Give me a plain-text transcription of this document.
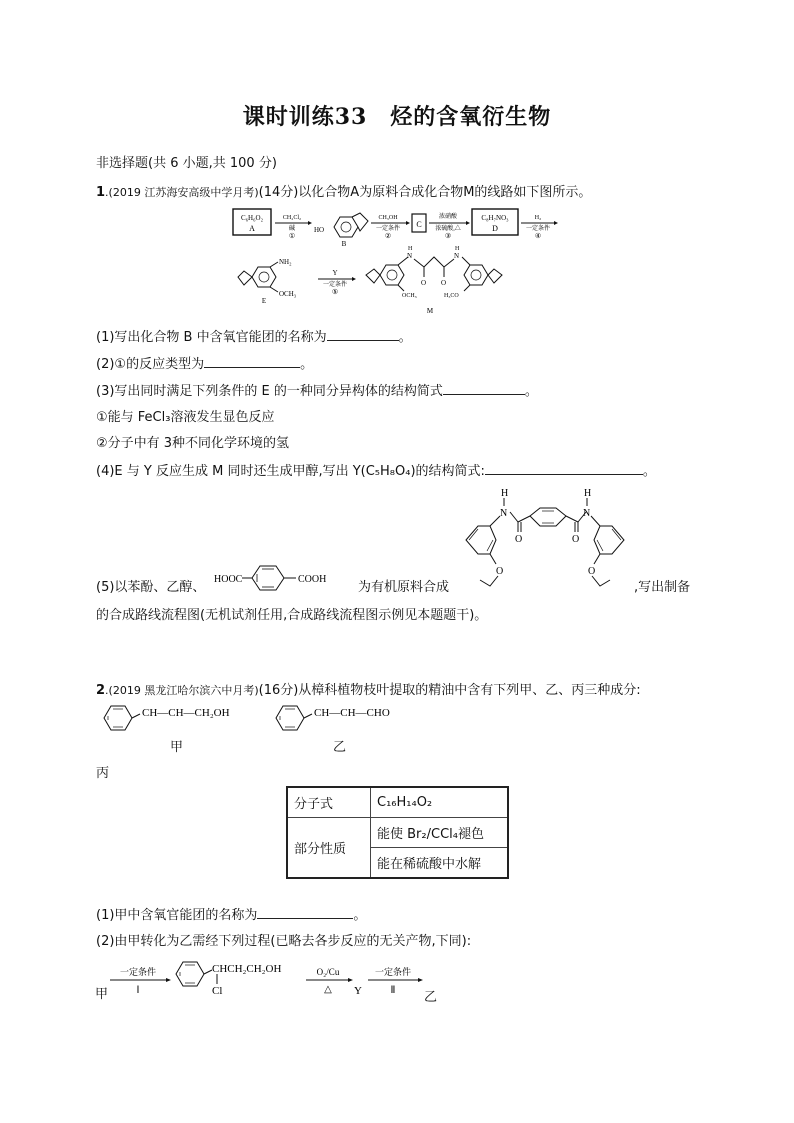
课时训练33　烃的含氧衍生物
非选择题(共 6 小题,共 100 分)
1.(2019 江苏海安高级中学月考)(14分)以化合物A为原料合成化合物M的线路如下图所示。
C₆H₆O₂
A
CH₂Cl₂
碱
①
HO
B
CH₃OH
一定条件
②
C
浓硝酸
浓硫酸,△
③
C₈H₇NO₃
D
H₂
一定条件
④
NH₂
OCH₃
E
Y
一定条件
⑤
N
H
OCH₃
O O
N
H
H₃CO
M
(1)写出化合物 B 中含氧官能团的名称为	。
(2)①的反应类型为	。
(3)写出同时满足下列条件的 E 的一种同分异构体的结构简式	。
①能与 FeCl₃溶液发生显色反应
②分子中有 3种不同化学环境的氢
(4)E 与 Y 反应生成 M 同时还生成甲醇,写出 Y(C₅H₈O₄)的结构简式:	。
(5)以苯酚、乙醇、
HOOC	COOH
为有机原料合成
H
N
O
O	O
H
N
O
,写出制备
的合成路线流程图(无机试剂任用,合成路线流程图示例见本题题干)。
2.(2019 黑龙江哈尔滨六中月考)(16分)从樟科植物枝叶提取的精油中含有下列甲、乙、丙三种成分:
CH—CH—CH₂OH
甲
CH—CH—CHO
乙
丙
分子式	C₁₆H₁₄O₂
部分性质	能使 Br₂/CCl₄褪色
	能在稀硫酸中水解
(1)甲中含氧官能团的名称为	。
(2)由甲转化为乙需经下列过程(已略去各步反应的无关产物,下同):
甲
一定条件
Ⅰ
CHCH₂CH₂OH
Cl
O₂/Cu
△ Y
一定条件
Ⅱ 乙
